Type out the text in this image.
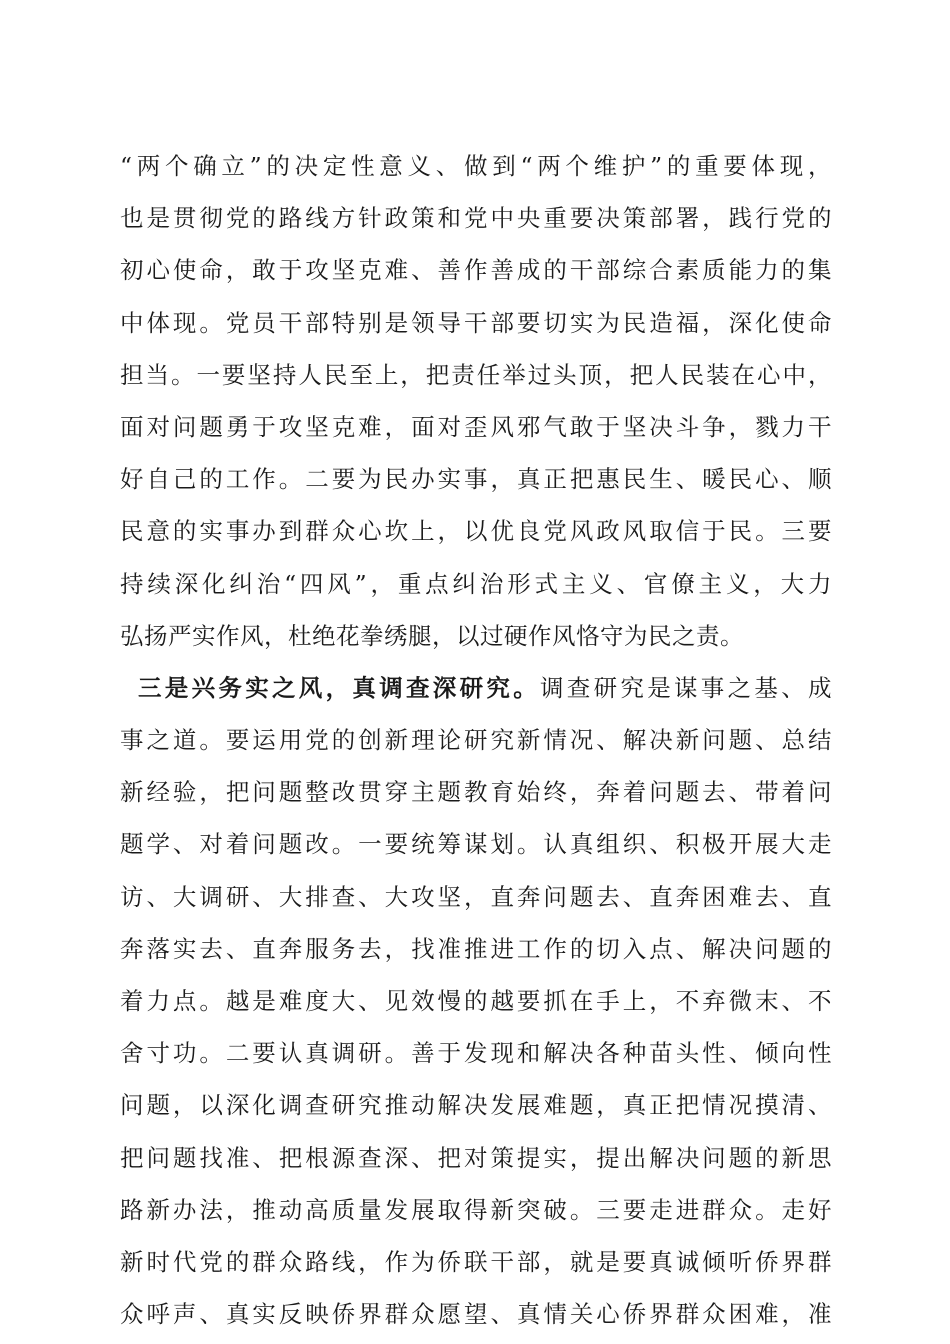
“两个确立”的决定性意义、做到“两个维护”的重要体现，
也是贯彻党的路线方针政策和党中央重要决策部署，践行党的
初心使命，敢于攻坚克难、善作善成的干部综合素质能力的集
中体现。党员干部特别是领导干部要切实为民造福，深化使命
担当。一要坚持人民至上，把责任举过头顶，把人民装在心中，
面对问题勇于攻坚克难，面对歪风邪气敢于坚决斗争，戮力干
好自己的工作。二要为民办实事，真正把惠民生、暖民心、顺
民意的实事办到群众心坎上，以优良党风政风取信于民。三要
持续深化纠治“四风”，重点纠治形式主义、官僚主义，大力
弘扬严实作风，杜绝花拳绣腿，以过硬作风恪守为民之责。
三是兴务实之风，真调查深研究。调查研究是谋事之基、成
事之道。要运用党的创新理论研究新情况、解决新问题、总结
新经验，把问题整改贯穿主题教育始终，奔着问题去、带着问
题学、对着问题改。一要统筹谋划。认真组织、积极开展大走
访、大调研、大排查、大攻坚，直奔问题去、直奔困难去、直
奔落实去、直奔服务去，找准推进工作的切入点、解决问题的
着力点。越是难度大、见效慢的越要抓在手上，不弃微末、不
舍寸功。二要认真调研。善于发现和解决各种苗头性、倾向性
问题，以深化调查研究推动解决发展难题，真正把情况摸清、
把问题找准、把根源查深、把对策提实，提出解决问题的新思
路新办法，推动高质量发展取得新突破。三要走进群众。走好
新时代党的群众路线，作为侨联干部，就是要真诚倾听侨界群
众呼声、真实反映侨界群众愿望、真情关心侨界群众困难，准
